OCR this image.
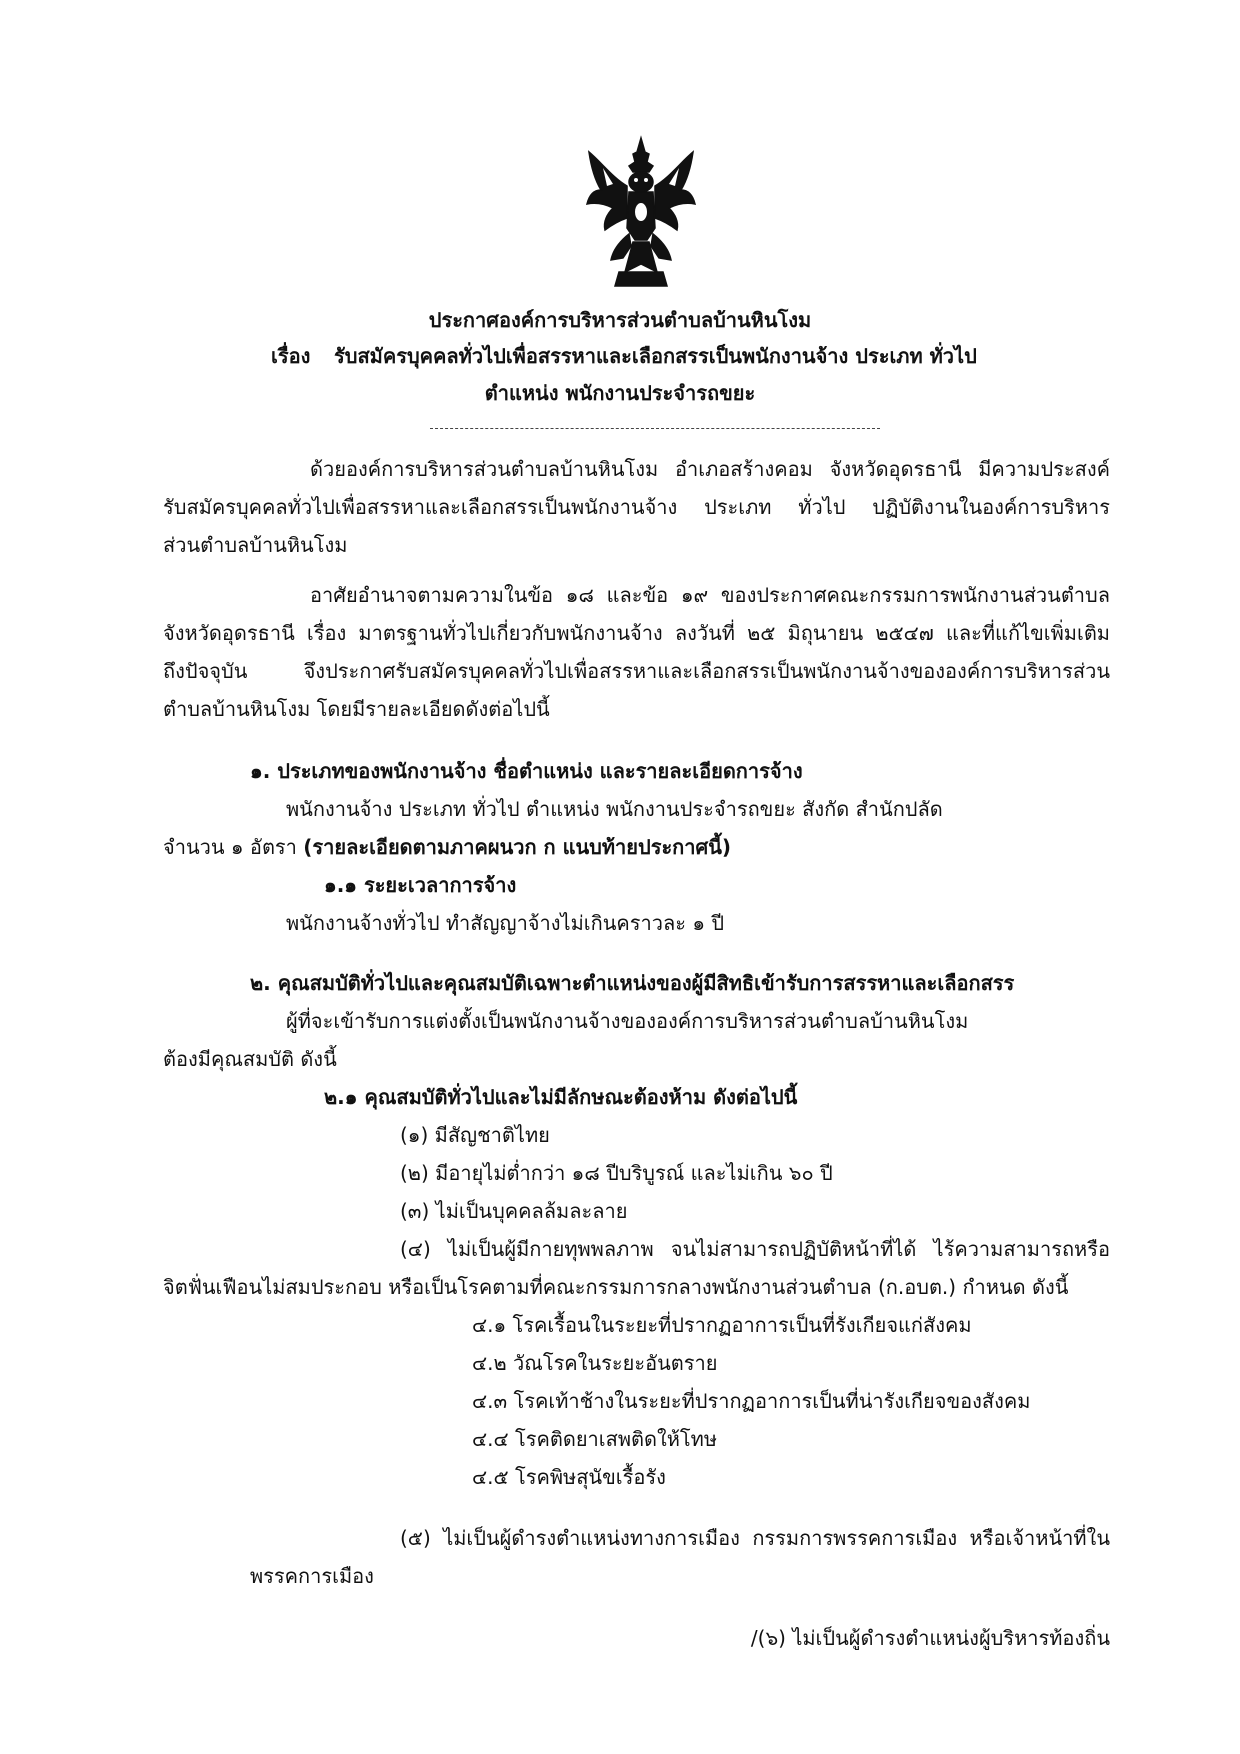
ประกาศองค์การบริหารส่วนตำบลบ้านหินโงม
เรื่อง รับสมัครบุคคลทั่วไปเพื่อสรรหาและเลือกสรรเป็นพนักงานจ้าง ประเภท ทั่วไป
ตำแหน่ง พนักงานประจำรถขยะ
ด้วยองค์การบริหารส่วนตำบลบ้านหินโงม อำเภอสร้างคอม จังหวัดอุดรธานี มีความประสงค์
รับสมัครบุคคลทั่วไปเพื่อสรรหาและเลือกสรรเป็นพนักงานจ้าง ประเภท ทั่วไป ปฏิบัติงานในองค์การบริหาร
ส่วนตำบลบ้านหินโงม
อาศัยอำนาจตามความในข้อ ๑๘ และข้อ ๑๙ ของประกาศคณะกรรมการพนักงานส่วนตำบล
จังหวัดอุดรธานี เรื่อง มาตรฐานทั่วไปเกี่ยวกับพนักงานจ้าง ลงวันที่ ๒๕ มิถุนายน ๒๕๔๗ และที่แก้ไขเพิ่มเติม
ถึงปัจจุบัน จึงประกาศรับสมัครบุคคลทั่วไปเพื่อสรรหาและเลือกสรรเป็นพนักงานจ้างขององค์การบริหารส่วน
ตำบลบ้านหินโงม โดยมีรายละเอียดดังต่อไปนี้
๑. ประเภทของพนักงานจ้าง ชื่อตำแหน่ง และรายละเอียดการจ้าง
พนักงานจ้าง ประเภท ทั่วไป ตำแหน่ง พนักงานประจำรถขยะ สังกัด สำนักปลัด
จำนวน ๑ อัตรา (รายละเอียดตามภาคผนวก ก แนบท้ายประกาศนี้)
๑.๑ ระยะเวลาการจ้าง
พนักงานจ้างทั่วไป ทำสัญญาจ้างไม่เกินคราวละ ๑ ปี
๒. คุณสมบัติทั่วไปและคุณสมบัติเฉพาะตำแหน่งของผู้มีสิทธิเข้ารับการสรรหาและเลือกสรร
ผู้ที่จะเข้ารับการแต่งตั้งเป็นพนักงานจ้างขององค์การบริหารส่วนตำบลบ้านหินโงม
ต้องมีคุณสมบัติ ดังนี้
๒.๑ คุณสมบัติทั่วไปและไม่มีลักษณะต้องห้าม ดังต่อไปนี้
(๑) มีสัญชาติไทย
(๒) มีอายุไม่ต่ำกว่า ๑๘ ปีบริบูรณ์ และไม่เกิน ๖๐ ปี
(๓) ไม่เป็นบุคคลล้มละลาย
(๔) ไม่เป็นผู้มีกายทุพพลภาพ จนไม่สามารถปฏิบัติหน้าที่ได้ ไร้ความสามารถหรือ
จิตฟั่นเฟือนไม่สมประกอบ หรือเป็นโรคตามที่คณะกรรมการกลางพนักงานส่วนตำบล (ก.อบต.) กำหนด ดังนี้
๔.๑ โรคเรื้อนในระยะที่ปรากฏอาการเป็นที่รังเกียจแก่สังคม
๔.๒ วัณโรคในระยะอันตราย
๔.๓ โรคเท้าช้างในระยะที่ปรากฏอาการเป็นที่น่ารังเกียจของสังคม
๔.๔ โรคติดยาเสพติดให้โทษ
๔.๕ โรคพิษสุนัขเรื้อรัง
(๕) ไม่เป็นผู้ดำรงตำแหน่งทางการเมือง กรรมการพรรคการเมือง หรือเจ้าหน้าที่ใน
พรรคการเมือง
/(๖) ไม่เป็นผู้ดำรงตำแหน่งผู้บริหารท้องถิ่น
